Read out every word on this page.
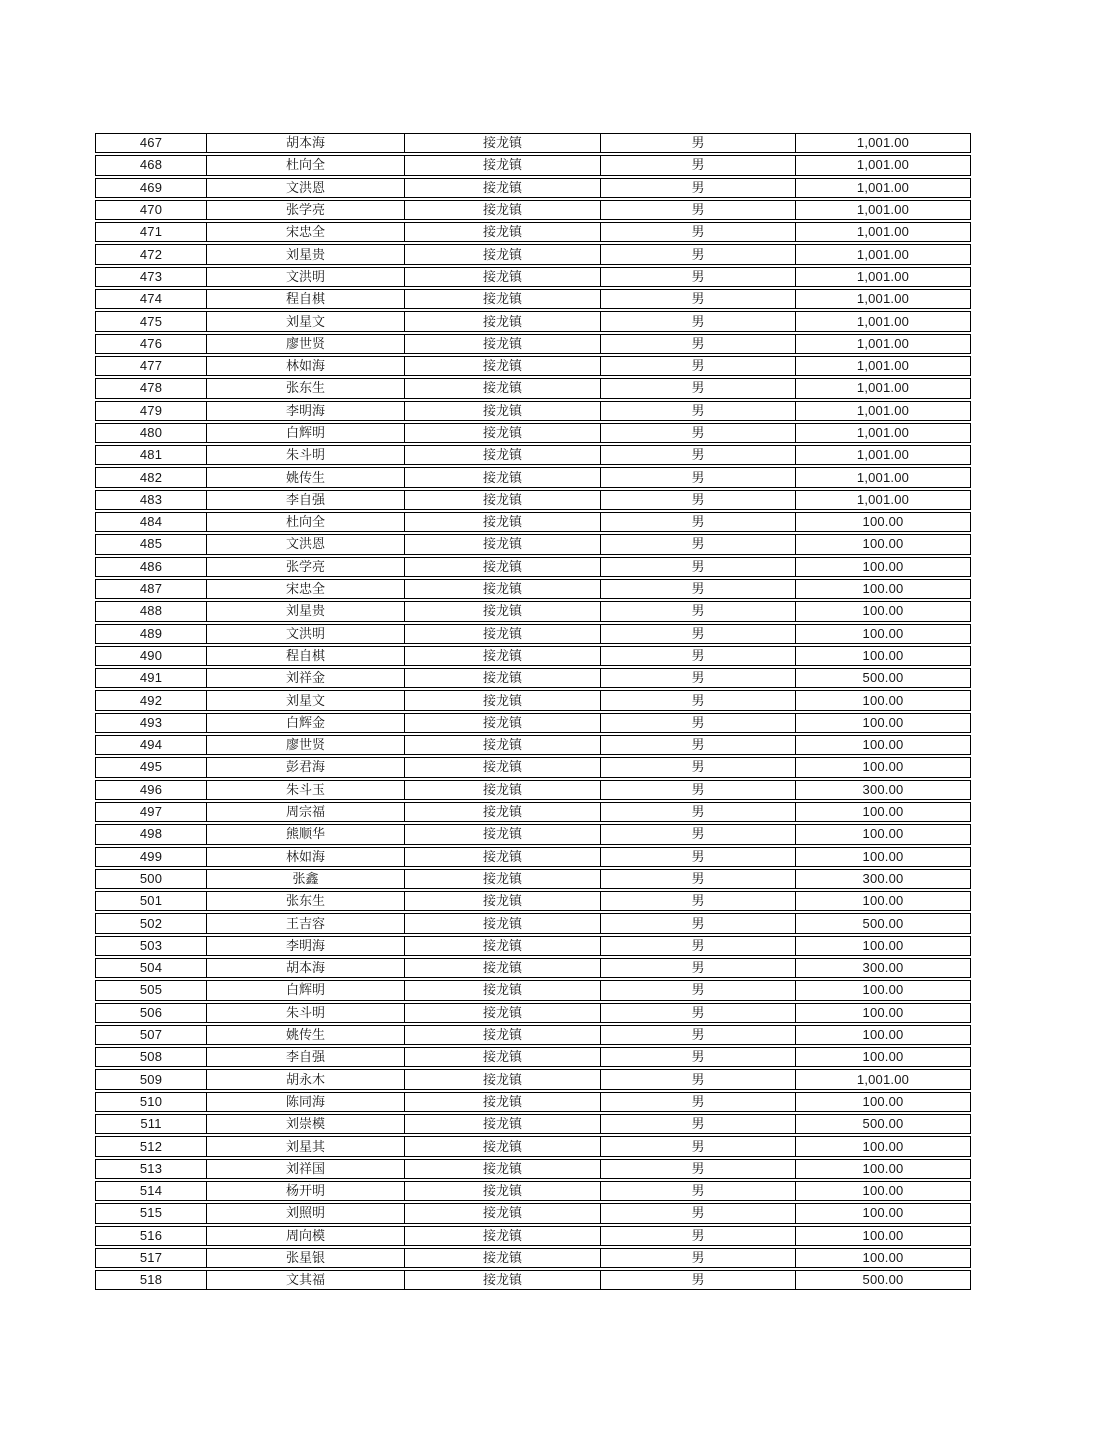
467	胡本海	接龙镇	男	1,001.00
468	杜向全	接龙镇	男	1,001.00
469	文洪恩	接龙镇	男	1,001.00
470	张学亮	接龙镇	男	1,001.00
471	宋忠全	接龙镇	男	1,001.00
472	刘星贵	接龙镇	男	1,001.00
473	文洪明	接龙镇	男	1,001.00
474	程自棋	接龙镇	男	1,001.00
475	刘星文	接龙镇	男	1,001.00
476	廖世贤	接龙镇	男	1,001.00
477	林如海	接龙镇	男	1,001.00
478	张东生	接龙镇	男	1,001.00
479	李明海	接龙镇	男	1,001.00
480	白辉明	接龙镇	男	1,001.00
481	朱斗明	接龙镇	男	1,001.00
482	姚传生	接龙镇	男	1,001.00
483	李自强	接龙镇	男	1,001.00
484	杜向全	接龙镇	男	100.00
485	文洪恩	接龙镇	男	100.00
486	张学亮	接龙镇	男	100.00
487	宋忠全	接龙镇	男	100.00
488	刘星贵	接龙镇	男	100.00
489	文洪明	接龙镇	男	100.00
490	程自棋	接龙镇	男	100.00
491	刘祥金	接龙镇	男	500.00
492	刘星文	接龙镇	男	100.00
493	白辉金	接龙镇	男	100.00
494	廖世贤	接龙镇	男	100.00
495	彭君海	接龙镇	男	100.00
496	朱斗玉	接龙镇	男	300.00
497	周宗福	接龙镇	男	100.00
498	熊顺华	接龙镇	男	100.00
499	林如海	接龙镇	男	100.00
500	张鑫	接龙镇	男	300.00
501	张东生	接龙镇	男	100.00
502	王吉容	接龙镇	男	500.00
503	李明海	接龙镇	男	100.00
504	胡本海	接龙镇	男	300.00
505	白辉明	接龙镇	男	100.00
506	朱斗明	接龙镇	男	100.00
507	姚传生	接龙镇	男	100.00
508	李自强	接龙镇	男	100.00
509	胡永木	接龙镇	男	1,001.00
510	陈同海	接龙镇	男	100.00
511	刘崇模	接龙镇	男	500.00
512	刘星其	接龙镇	男	100.00
513	刘祥国	接龙镇	男	100.00
514	杨开明	接龙镇	男	100.00
515	刘照明	接龙镇	男	100.00
516	周向模	接龙镇	男	100.00
517	张星银	接龙镇	男	100.00
518	文其福	接龙镇	男	500.00
